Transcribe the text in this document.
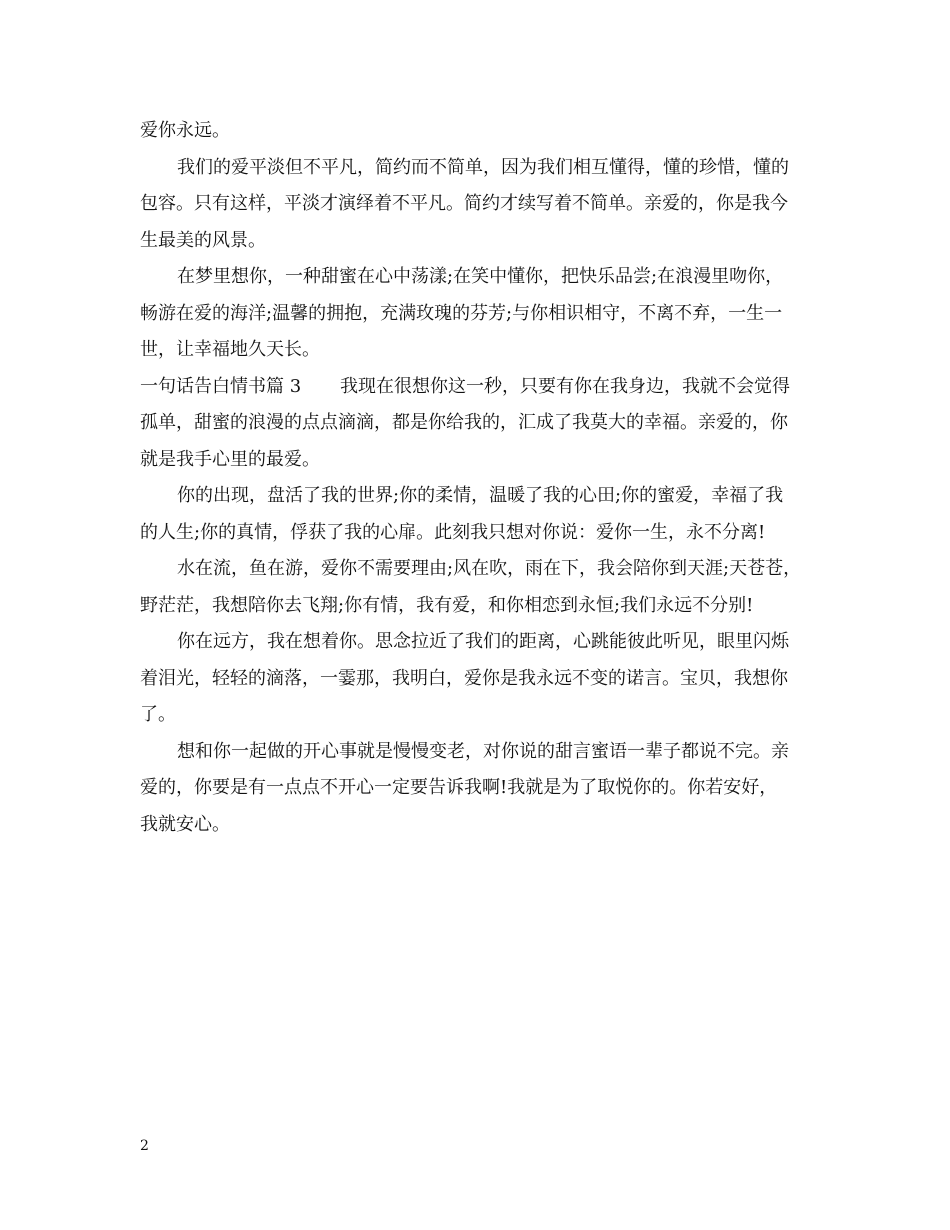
爱你永远。
我们的爱平淡但不平凡，简约而不简单，因为我们相互懂得，懂的珍惜，懂的
包容。只有这样，平淡才演绎着不平凡。简约才续写着不简单。亲爱的，你是我今
生最美的风景。
在梦里想你，一种甜蜜在心中荡漾;在笑中懂你，把快乐品尝;在浪漫里吻你，
畅游在爱的海洋;温馨的拥抱，充满玫瑰的芬芳;与你相识相守，不离不弃，一生一
世，让幸福地久天长。
一句话告白情书篇 3 我现在很想你这一秒，只要有你在我身边，我就不会觉得
孤单，甜蜜的浪漫的点点滴滴，都是你给我的，汇成了我莫大的幸福。亲爱的，你
就是我手心里的最爱。
你的出现，盘活了我的世界;你的柔情，温暖了我的心田;你的蜜爱，幸福了我
的人生;你的真情，俘获了我的心扉。此刻我只想对你说：爱你一生，永不分离!
水在流，鱼在游，爱你不需要理由;风在吹，雨在下，我会陪你到天涯;天苍苍，
野茫茫，我想陪你去飞翔;你有情，我有爱，和你相恋到永恒;我们永远不分别!
你在远方，我在想着你。思念拉近了我们的距离，心跳能彼此听见，眼里闪烁
着泪光，轻轻的滴落，一霎那，我明白，爱你是我永远不变的诺言。宝贝，我想你
了。
想和你一起做的开心事就是慢慢变老，对你说的甜言蜜语一辈子都说不完。亲
爱的，你要是有一点点不开心一定要告诉我啊!我就是为了取悦你的。你若安好，
我就安心。
2
